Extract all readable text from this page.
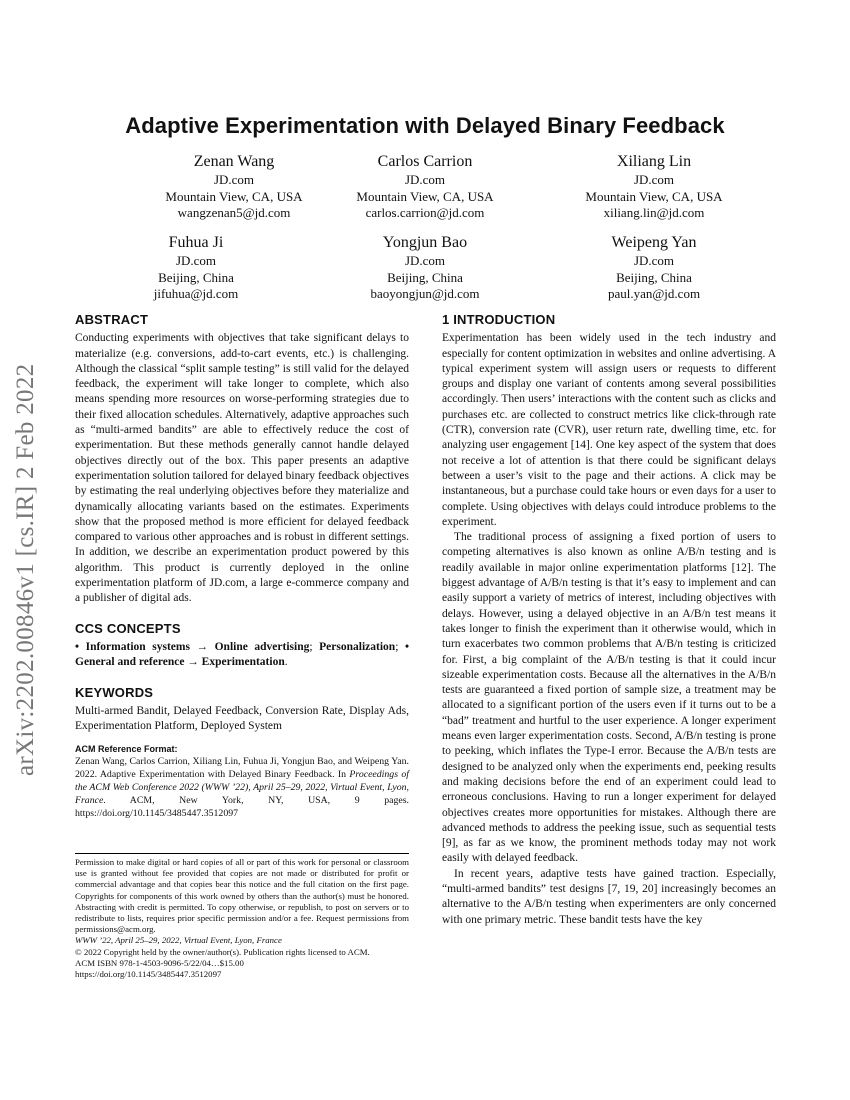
arXiv:2202.00846v1 [cs.IR] 2 Feb 2022
Adaptive Experimentation with Delayed Binary Feedback
Zenan Wang
JD.com
Mountain View, CA, USA
wangzenan5@jd.com
Carlos Carrion
JD.com
Mountain View, CA, USA
carlos.carrion@jd.com
Xiliang Lin
JD.com
Mountain View, CA, USA
xiliang.lin@jd.com
Fuhua Ji
JD.com
Beijing, China
jifuhua@jd.com
Yongjun Bao
JD.com
Beijing, China
baoyongjun@jd.com
Weipeng Yan
JD.com
Beijing, China
paul.yan@jd.com
ABSTRACT

Conducting experiments with objectives that take significant delays to materialize (e.g. conversions, add-to-cart events, etc.) is challenging. Although the classical “split sample testing” is still valid for the delayed feedback, the experiment will take longer to complete, which also means spending more resources on worse-performing strategies due to their fixed allocation schedules. Alternatively, adaptive approaches such as “multi-armed bandits” are able to effectively reduce the cost of experimentation. But these methods generally cannot handle delayed objectives directly out of the box. This paper presents an adaptive experimentation solution tailored for delayed binary feedback objectives by estimating the real underlying objectives before they materialize and dynamically allocating variants based on the estimates. Experiments show that the proposed method is more efficient for delayed feedback compared to various other approaches and is robust in different settings. In addition, we describe an experimentation product powered by this algorithm. This product is currently deployed in the online experimentation platform of JD.com, a large e-commerce company and a publisher of digital ads.

CCS CONCEPTS

• Information systems → Online advertising; Personalization; • General and reference → Experimentation.

KEYWORDS

Multi-armed Bandit, Delayed Feedback, Conversion Rate, Display Ads, Experimentation Platform, Deployed System

ACM Reference Format:

Zenan Wang, Carlos Carrion, Xiliang Lin, Fuhua Ji, Yongjun Bao, and Weipeng Yan. 2022. Adaptive Experimentation with Delayed Binary Feedback. In Proceedings of the ACM Web Conference 2022 (WWW ’22), April 25–29, 2022, Virtual Event, Lyon, France. ACM, New York, NY, USA, 9 pages. https://doi.org/10.1145/3485447.3512097

Permission to make digital or hard copies of all or part of this work for personal or classroom use is granted without fee provided that copies are not made or distributed for profit or commercial advantage and that copies bear this notice and the full citation on the first page. Copyrights for components of this work owned by others than the author(s) must be honored. Abstracting with credit is permitted. To copy otherwise, or republish, to post on servers or to redistribute to lists, requires prior specific permission and/or a fee. Request permissions from permissions@acm.org.

WWW ’22, April 25–29, 2022, Virtual Event, Lyon, France
© 2022 Copyright held by the owner/author(s). Publication rights licensed to ACM.
ACM ISBN 978-1-4503-9096-5/22/04…$15.00
https://doi.org/10.1145/3485447.3512097
1 INTRODUCTION

Experimentation has been widely used in the tech industry and especially for content optimization in websites and online advertising. A typical experiment system will assign users or requests to different groups and display one variant of contents among several possibilities accordingly. Then users’ interactions with the content such as clicks and purchases etc. are collected to construct metrics like click-through rate (CTR), conversion rate (CVR), user return rate, dwelling time, etc. for analyzing user engagement [14]. One key aspect of the system that does not receive a lot of attention is that there could be significant delays between a user’s visit to the page and their actions. A click may be instantaneous, but a purchase could take hours or even days for a user to complete. Using objectives with delays could introduce problems to the experiment.

The traditional process of assigning a fixed portion of users to competing alternatives is also known as online A/B/n testing and is readily available in major online experimentation platforms [12]. The biggest advantage of A/B/n testing is that it’s easy to implement and can easily support a variety of metrics of interest, including objectives with delays. However, using a delayed objective in an A/B/n test means it takes longer to finish the experiment than it otherwise would, which in turn exacerbates two common problems that A/B/n testing is criticized for. First, a big complaint of the A/B/n testing is that it could incur sizeable experimentation costs. Because all the alternatives in the A/B/n tests are guaranteed a fixed portion of sample size, a treatment may be allocated to a significant portion of the users even if it turns out to be a “bad” treatment and hurtful to the user experience. A longer experiment means even larger experimentation costs. Second, A/B/n testing is prone to peeking, which inflates the Type-I error. Because the A/B/n tests are designed to be analyzed only when the experiments end, peeking results and making decisions before the end of an experiment could lead to erroneous conclusions. Having to run a longer experiment for delayed objectives creates more opportunities for mistakes. Although there are advanced methods to address the peeking issue, such as sequential tests [9], as far as we know, the prominent methods today may not work easily with delayed feedback.

In recent years, adaptive tests have gained traction. Especially, “multi-armed bandits” test designs [7, 19, 20] increasingly becomes an alternative to the A/B/n testing when experimenters are only concerned with one primary metric. These bandit tests have the key
